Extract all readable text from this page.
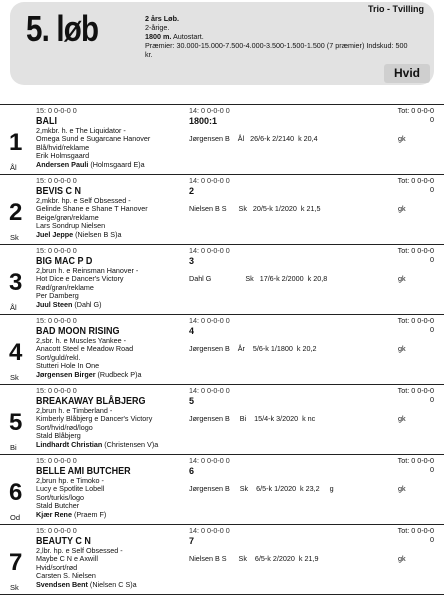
5. løb	2 års Løb.
2-årige.
1800 m. Autostart.
Præmier: 30.000-15.000-7.500-4.000-3.500-1.500-1.500 (7 præmier) Indskud: 500 kr.
Trio - Tvilling
Hvid
1
Ål
15: 0 0-0-0 0
BALI
2,mkbr. h. e The Liquidator -
Omega Sund e Sugarcane Hanover
Blå/hvid/reklame
Erik Holmsgaard
Andersen Pauli (Holmsgaard E)a
14: 0 0-0-0 0
1800:1
Jørgensen B    Ål   26/6-k 2/2140  k 20,4
Tot: 0 0-0-0
0
gk
2
Sk
15: 0 0-0-0 0
BEVIS C N
2,mkbr. hp. e Self Obsessed -
Gelinde Shane e Shane T Hanover
Beige/grøn/reklame
Lars Sondrup Nielsen
Juel Jeppe (Nielsen B S)a
14: 0 0-0-0 0
2
Nielsen B S      Sk   20/5-k 1/2020  k 21,5
Tot: 0 0-0-0
0
gk
3
Ål
15: 0 0-0-0 0
BIG MAC P D
2,brun h. e Reinsman Hanover -
Hot Dice e Dancer's Victory
Rød/grøn/reklame
Per Damberg
Juul Steen (Dahl G)
14: 0 0-0-0 0
3
Dahl G                 Sk   17/6-k 2/2000  k 20,8
Tot: 0 0-0-0
0
gk
4
Sk
15: 0 0-0-0 0
BAD MOON RISING
2,sbr. h. e Muscles Yankee -
Anacott Steel e Meadow Road
Sort/guld/rekl.
Stutteri Hole In One
Jørgensen Birger (Rudbeck P)a
14: 0 0-0-0 0
4
Jørgensen B    År    5/6-k 1/1800  k 20,2
Tot: 0 0-0-0
0
gk
5
Bi
15: 0 0-0-0 0
BREAKAWAY BLÅBJERG
2,brun h. e Timberland -
Kimberly Blåbjerg e Dancer's Victory
Sort/hvid/rød/logo
Stald Blåbjerg
Lindhardt Christian (Christensen V)a
14: 0 0-0-0 0
5
Jørgensen B     Bi    15/4-k 3/2020  k nc
Tot: 0 0-0-0
0
gk
6
Od
15: 0 0-0-0 0
BELLE AMI BUTCHER
2,brun hp. e Timoko -
Lucy e Spotlite Lobell
Sort/turkis/logo
Stald Butcher
Kjær Rene (Praem F)
14: 0 0-0-0 0
6
Jørgensen B     Sk    6/5-k 1/2020  k 23,2     g
Tot: 0 0-0-0
0
gk
7
Sk
15: 0 0-0-0 0
BEAUTY C N
2,lbr. hp. e Self Obsessed -
Maybe C N e Axwill
Hvid/sort/rød
Carsten S. Nielsen
Svendsen Bent (Nielsen C S)a
14: 0 0-0-0 0
7
Nielsen B S      Sk    6/5-k 2/2020  k 21,9
Tot: 0 0-0-0
0
gk
